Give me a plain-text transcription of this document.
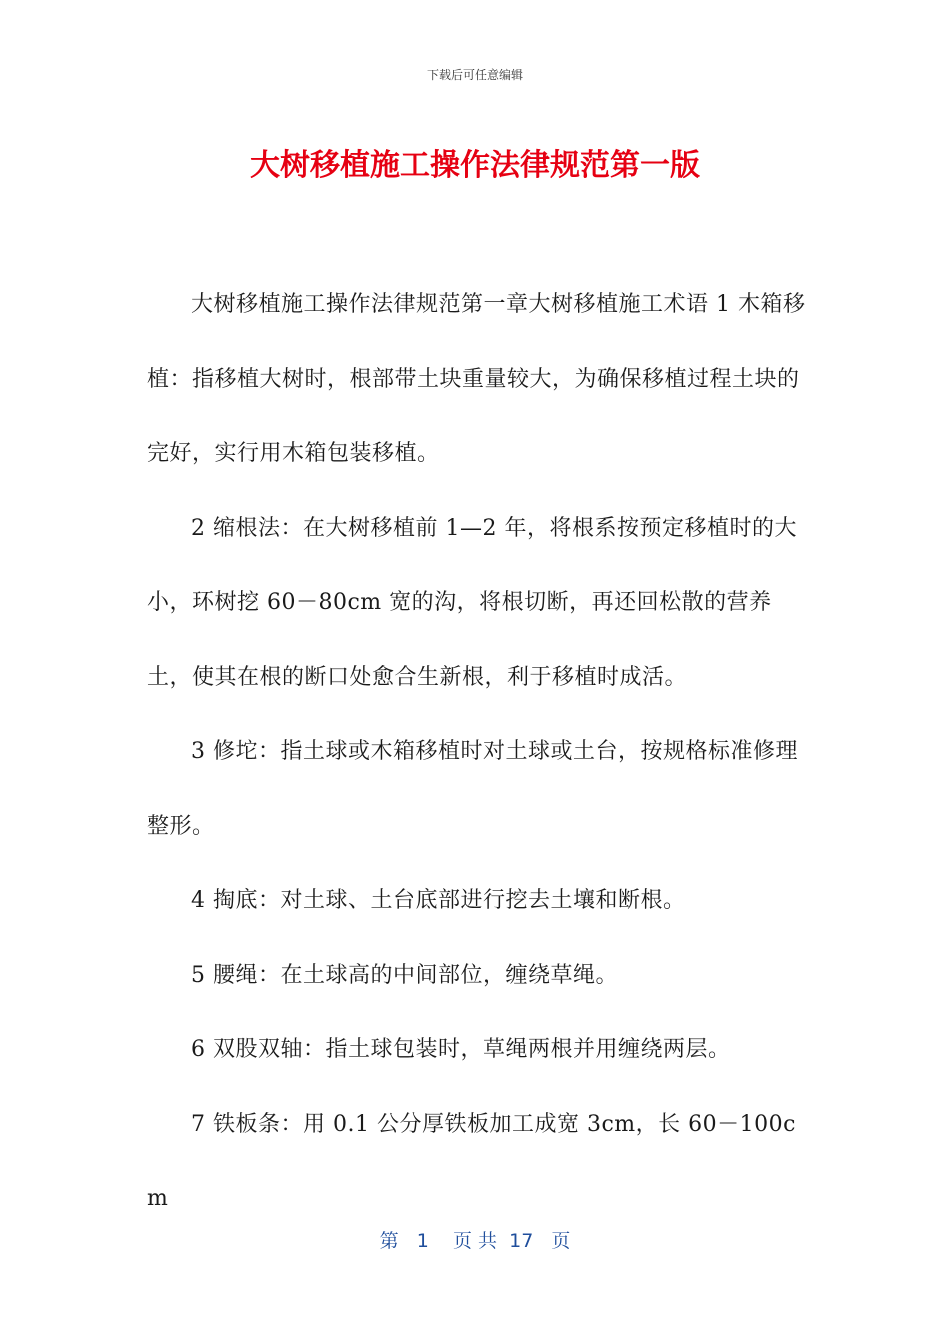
下载后可任意编辑
大树移植施工操作法律规范第一版

大树移植施工操作法律规范第一章大树移植施工术语 1 木箱移植：指移植大树时，根部带土块重量较大，为确保移植过程土块的完好，实行用木箱包装移植。

2 缩根法：在大树移植前 1—2 年，将根系按预定移植时的大小，环树挖 60－80cm 宽的沟，将根切断，再还回松散的营养土，使其在根的断口处愈合生新根，利于移植时成活。

3 修坨：指土球或木箱移植时对土球或土台，按规格标准修理整形。

4 掏底：对土球、土台底部进行挖去土壤和断根。

5 腰绳：在土球高的中间部位，缠绕草绳。

6 双股双轴：指土球包装时，草绳两根并用缠绕两层。

7 铁板条：用 0.1 公分厚铁板加工成宽 3cm，长 60－100cm

第 1 页 共 17 页
